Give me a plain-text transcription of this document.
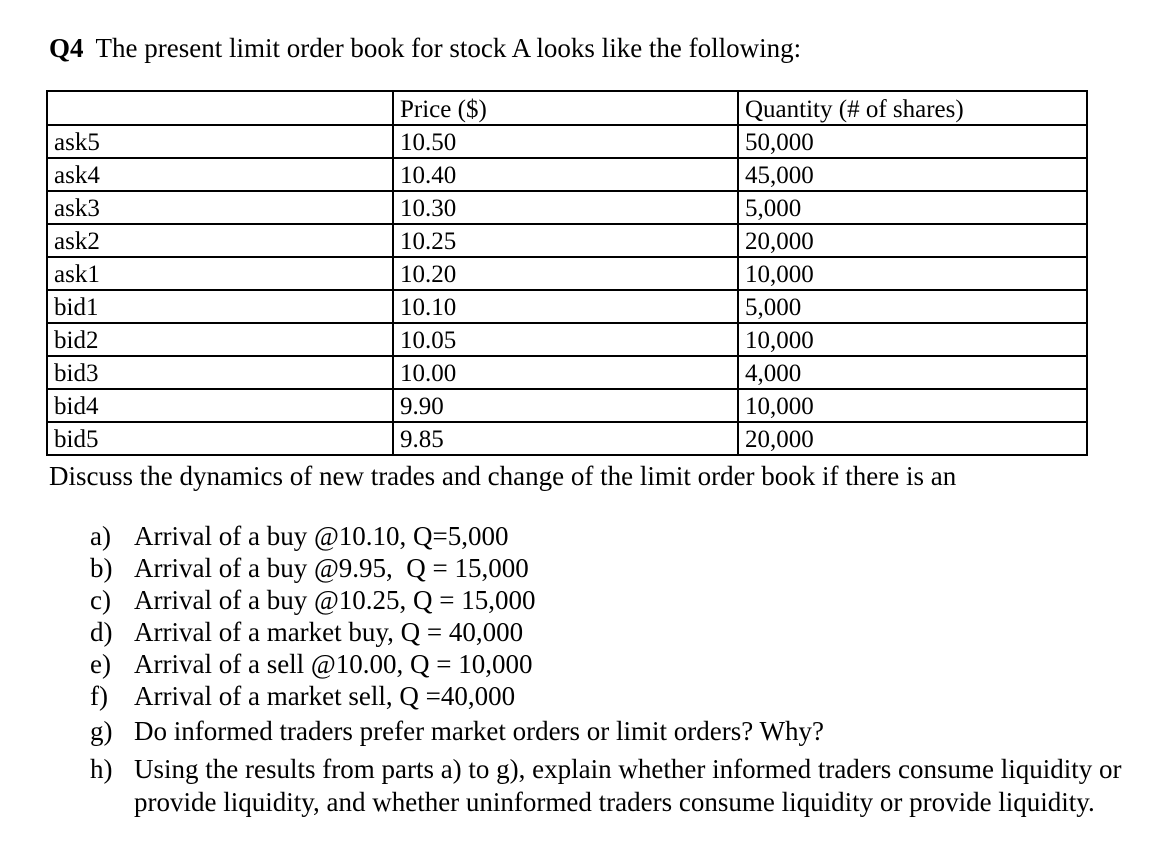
Q4 The present limit order book for stock A looks like the following:
	Price ($)	Quantity (# of shares)
ask5	10.50	50,000
ask4	10.40	45,000
ask3	10.30	5,000
ask2	10.25	20,000
ask1	10.20	10,000
bid1	10.10	5,000
bid2	10.05	10,000
bid3	10.00	4,000
bid4	9.90	10,000
bid5	9.85	20,000
Discuss the dynamics of new trades and change of the limit order book if there is an
a) Arrival of a buy @10.10, Q=5,000
b) Arrival of a buy @9.95,  Q = 15,000
c) Arrival of a buy @10.25, Q = 15,000
d) Arrival of a market buy, Q = 40,000
e) Arrival of a sell @10.00, Q = 10,000
f) Arrival of a market sell, Q =40,000
g) Do informed traders prefer market orders or limit orders? Why?
h) Using the results from parts a) to g), explain whether informed traders consume liquidity or provide liquidity, and whether uninformed traders consume liquidity or provide liquidity.
